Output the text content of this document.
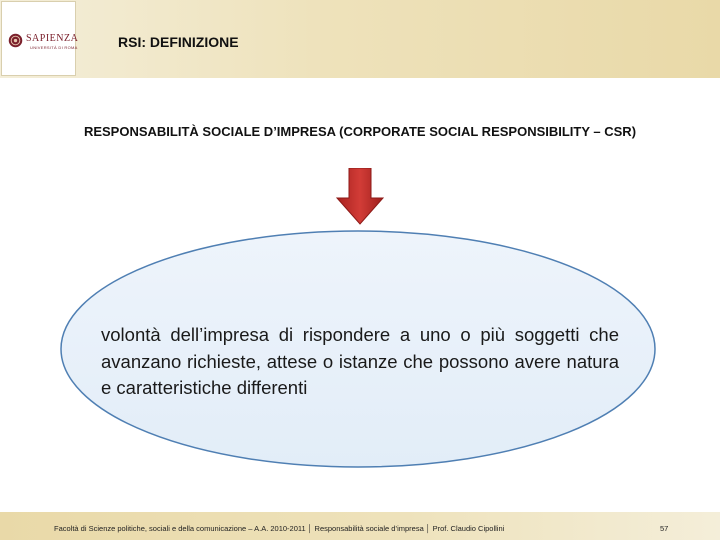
SAPIENZA
UNIVERSITÀ DI ROMA	RSI: DEFINIZIONE
RESPONSABILITÀ SOCIALE D’IMPRESA (CORPORATE SOCIAL RESPONSIBILITY – CSR)
volontà dell’impresa di rispondere a uno o più soggetti che avanzano richieste, attese o istanze che possono avere natura e caratteristiche differenti
Facoltà di Scienze politiche, sociali e della comunicazione – A.A. 2010-2011 │ Responsabilità sociale d’impresa │ Prof. Claudio Cipollini	57
